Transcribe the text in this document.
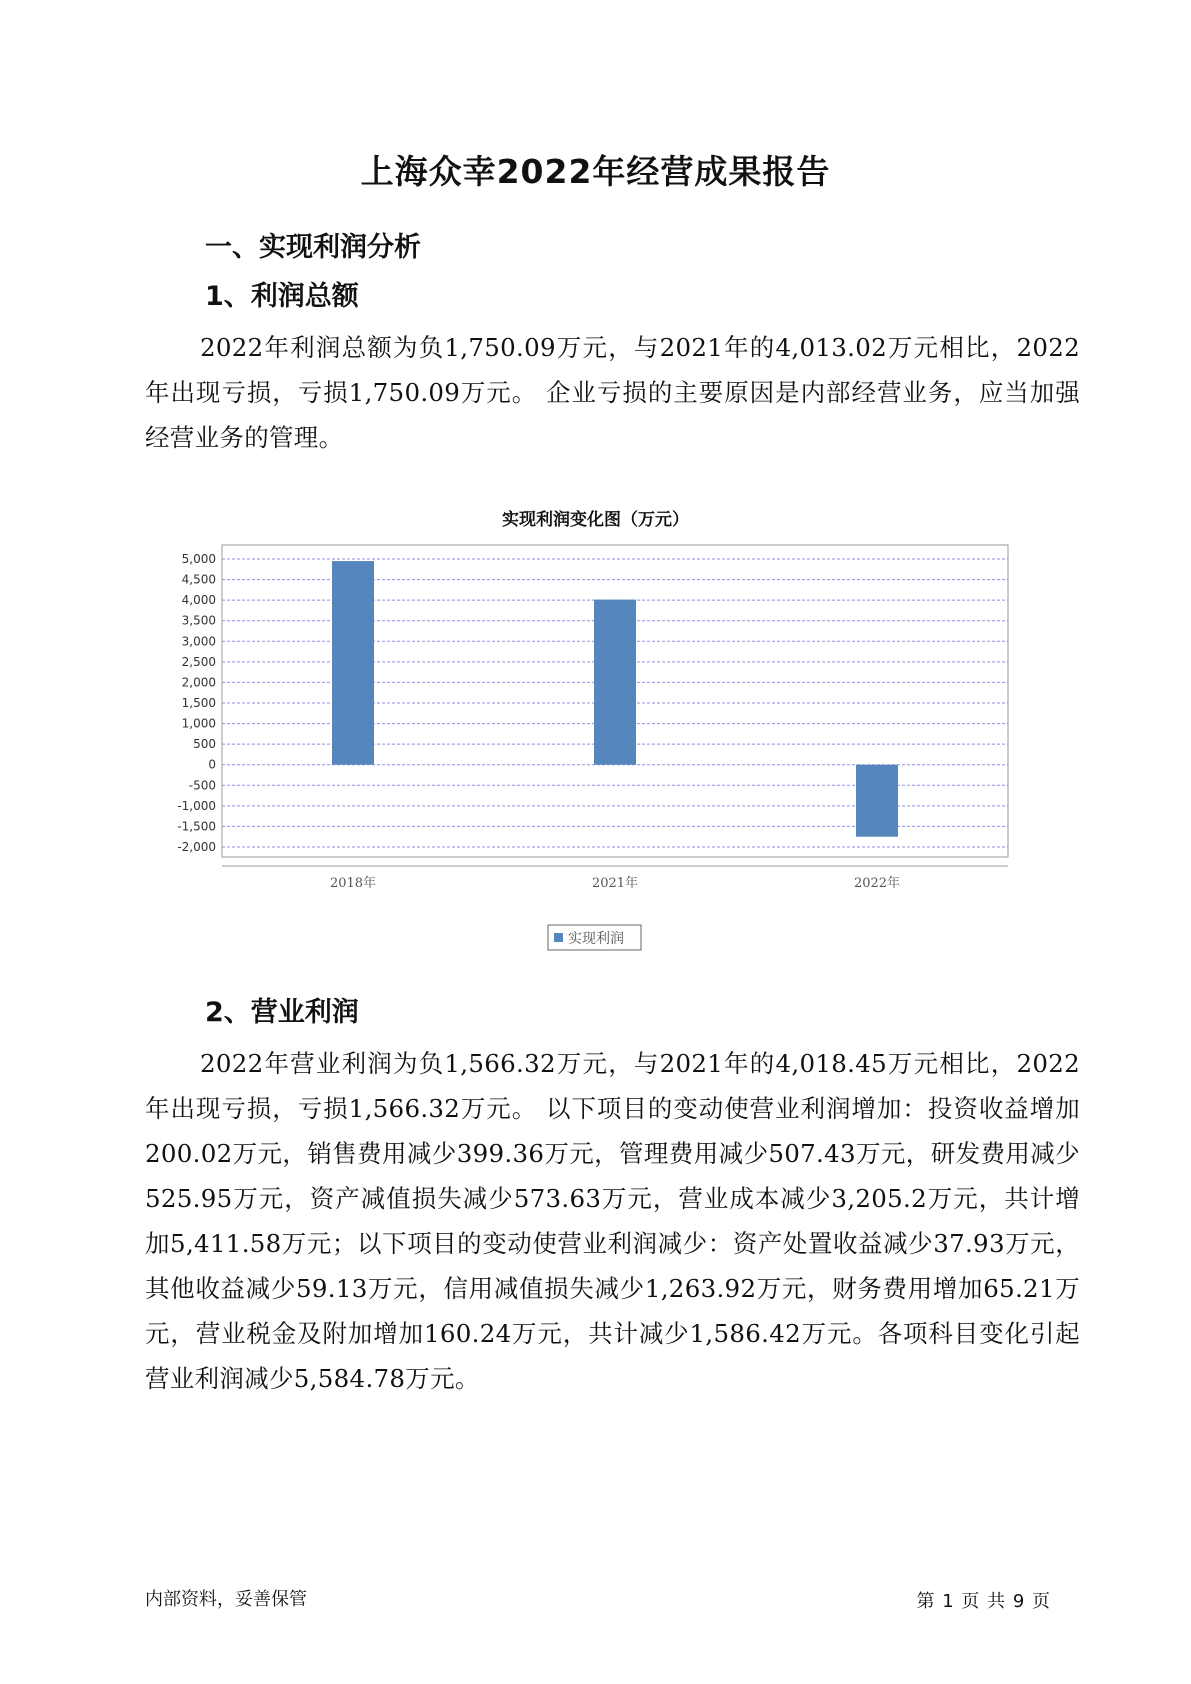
上海众幸2022年经营成果报告
一、实现利润分析
1、利润总额

2022年利润总额为负1,750.09万元，与2021年的4,013.02万元相比，2022年出现亏损，亏损1,750.09万元。 企业亏损的主要原因是内部经营业务，应当加强经营业务的管理。

实现利润变化图（万元）
5,000
4,500
4,000
3,500
3,000
2,500
2,000
1,500
1,000
500
0
-500
-1,000
-1,500
-2,000
2018年	2021年	2022年
实现利润
2、营业利润

2022年营业利润为负1,566.32万元，与2021年的4,018.45万元相比，2022年出现亏损，亏损1,566.32万元。 以下项目的变动使营业利润增加：投资收益增加200.02万元，销售费用减少399.36万元，管理费用减少507.43万元，研发费用减少525.95万元，资产减值损失减少573.63万元，营业成本减少3,205.2万元，共计增加5,411.58万元；以下项目的变动使营业利润减少：资产处置收益减少37.93万元，其他收益减少59.13万元，信用减值损失减少1,263.92万元，财务费用增加65.21万元，营业税金及附加增加160.24万元，共计减少1,586.42万元。各项科目变化引起营业利润减少5,584.78万元。

内部资料，妥善保管	第 1 页 共 9 页
